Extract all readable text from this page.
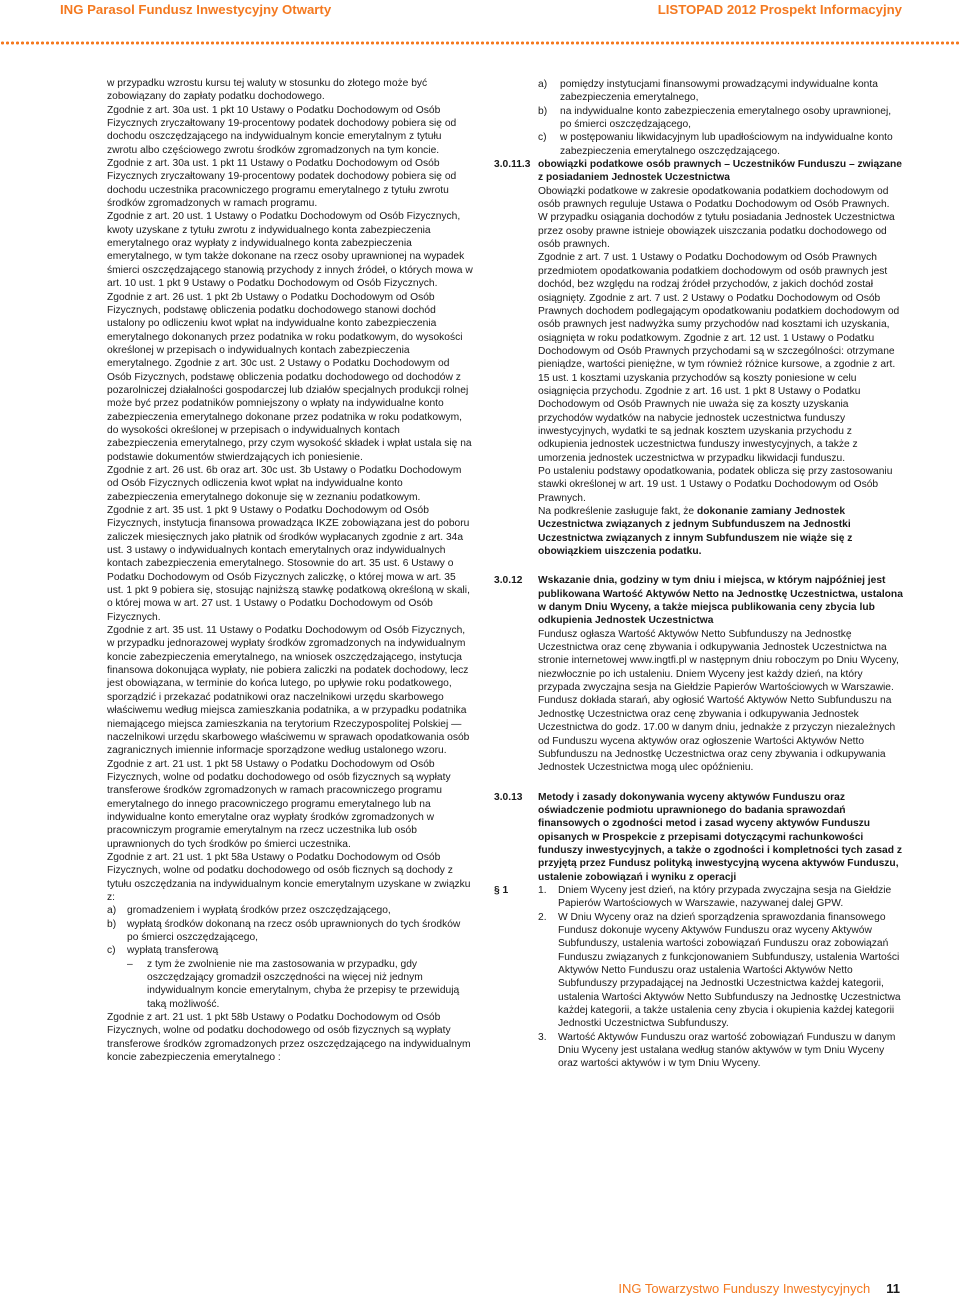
ING Parasol Fundusz Inwestycyjny Otwarty	LISTOPAD 2012 Prospekt Informacyjny

w przypadku wzrostu kursu tej waluty w stosunku do złotego może być zobowiązany do zapłaty podatku dochodowego.

Zgodnie z art. 30a ust. 1 pkt 10 Ustawy o Podatku Dochodowym od Osób Fizycznych zryczałtowany 19-procentowy podatek dochodowy pobiera się od dochodu oszczędzającego na indywidualnym koncie emerytalnym z tytułu zwrotu albo częściowego zwrotu środków zgromadzonych na tym koncie. Zgodnie z art. 30a ust. 1 pkt 11 Ustawy o Podatku Dochodowym od Osób Fizycznych zryczałtowany 19-procentowy podatek dochodowy pobiera się od dochodu uczestnika pracowniczego programu emerytalnego z tytułu zwrotu środków zgromadzonych w ramach programu.

Zgodnie z art. 20 ust. 1 Ustawy o Podatku Dochodowym od Osób Fizycznych, kwoty uzyskane z tytułu zwrotu z indywidualnego konta zabezpieczenia emerytalnego oraz wypłaty z indywidualnego konta zabezpieczenia emerytalnego, w tym także dokonane na rzecz osoby uprawnionej na wypadek śmierci oszczędzającego stanowią przychody z innych źródeł, o których mowa w art. 10 ust. 1 pkt 9 Ustawy o Podatku Dochodowym od Osób Fizycznych.

Zgodnie z art. 26 ust. 1 pkt 2b Ustawy o Podatku Dochodowym od Osób Fizycznych, podstawę obliczenia podatku dochodowego stanowi dochód ustalony po odliczeniu kwot wpłat na indywidualne konto zabezpieczenia emerytalnego dokonanych przez podatnika w roku podatkowym, do wysokości określonej w przepisach o indywidualnych kontach zabezpieczenia emerytalnego. Zgodnie z art. 30c ust. 2 Ustawy o Podatku Dochodowym od Osób Fizycznych, podstawę obliczenia podatku dochodowego od dochodów z pozarolniczej działalności gospodarczej lub działów specjalnych produkcji rolnej może być przez podatników pomniejszony o wpłaty na indywidualne konto zabezpieczenia emerytalnego dokonane przez podatnika w roku podatkowym, do wysokości określonej w przepisach o indywidualnych kontach zabezpieczenia emerytalnego, przy czym wysokość składek i wpłat ustala się na podstawie dokumentów stwierdzających ich poniesienie.

Zgodnie z art. 26 ust. 6b oraz art. 30c ust. 3b Ustawy o Podatku Dochodowym od Osób Fizycznych odliczenia kwot wpłat na indywidualne konto zabezpieczenia emerytalnego dokonuje się w zeznaniu podatkowym.

Zgodnie z art. 35 ust. 1 pkt 9 Ustawy o Podatku Dochodowym od Osób Fizycznych, instytucja finansowa prowadząca IKZE zobowiązana jest do poboru zaliczek miesięcznych jako płatnik od środków wypłacanych zgodnie z art. 34a ust. 3 ustawy o indywidualnych kontach emerytalnych oraz indywidualnych kontach zabezpieczenia emerytalnego. Stosownie do art. 35 ust. 6 Ustawy o Podatku Dochodowym od Osób Fizycznych zaliczkę, o której mowa w art. 35 ust. 1 pkt 9 pobiera się, stosując najniższą stawkę podatkową określoną w skali, o której mowa w art. 27 ust. 1 Ustawy o Podatku Dochodowym od Osób Fizycznych.

Zgodnie z art. 35 ust. 11 Ustawy o Podatku Dochodowym od Osób Fizycznych, w przypadku jednorazowej wypłaty środków zgromadzonych na indywidualnym koncie zabezpieczenia emerytalnego, na wniosek oszczędzającego, instytucja finansowa dokonująca wypłaty, nie pobiera zaliczki na podatek dochodowy, lecz jest obowiązana, w terminie do końca lutego, po upływie roku podatkowego, sporządzić i przekazać podatnikowi oraz naczelnikowi urzędu skarbowego właściwemu według miejsca zamieszkania podatnika, a w przypadku podatnika niemającego miejsca zamieszkania na terytorium Rzeczypospolitej Polskiej — naczelnikowi urzędu skarbowego właściwemu w sprawach opodatkowania osób zagranicznych imiennie informacje sporządzone według ustalonego wzoru.

Zgodnie z art. 21 ust. 1 pkt 58 Ustawy o Podatku Dochodowym od Osób Fizycznych, wolne od podatku dochodowego od osób fizycznych są wypłaty transferowe środków zgromadzonych w ramach pracowniczego programu emerytalnego do innego pracowniczego programu emerytalnego lub na indywidualne konto emerytalne oraz wypłaty środków zgromadzonych w pracowniczym programie emerytalnym na rzecz uczestnika lub osób uprawnionych do tych środków po śmierci uczestnika.

Zgodnie z art. 21 ust. 1 pkt 58a Ustawy o Podatku Dochodowym od Osób Fizycznych, wolne od podatku dochodowego od osób ficznych są dochody z tytułu oszczędzania na indywidualnym koncie emerytalnym uzyskane w związku z:

a)	gromadzeniem i wypłatą środków przez oszczędzającego,
b)	wypłatą środków dokonaną na rzecz osób uprawnionych do tych środków po śmierci oszczędzającego,
c)	wypłatą transferową
–	z tym że zwolnienie nie ma zastosowania w przypadku, gdy oszczędzający gromadził oszczędności na więcej niż jednym indywidualnym koncie emerytalnym, chyba że przepisy te przewidują taką możliwość.

Zgodnie z art. 21 ust. 1 pkt 58b Ustawy o Podatku Dochodowym od Osób Fizycznych, wolne od podatku dochodowego od osób fizycznych są wypłaty transferowe środków zgromadzonych przez oszczędzającego na indywidualnym koncie zabezpieczenia emerytalnego :

a)	pomiędzy instytucjami finansowymi prowadzącymi indywidualne konta zabezpieczenia emerytalnego,
b)	na indywidualne konto zabezpieczenia emerytalnego osoby uprawnionej, po śmierci oszczędzającego,
c)	w postępowaniu likwidacyjnym lub upadłościowym na indywidualne konto zabezpieczenia emerytalnego oszczędzającego.
3.0.11.3 obowiązki podatkowe osób prawnych – Uczestników Funduszu – związane z posiadaniem Jednostek Uczestnictwa

Obowiązki podatkowe w zakresie opodatkowania podatkiem dochodowym od osób prawnych reguluje Ustawa o Podatku Dochodowym od Osób Prawnych.

W przypadku osiągania dochodów z tytułu posiadania Jednostek Uczestnictwa przez osoby prawne istnieje obowiązek uiszczania podatku dochodowego od osób prawnych.

Zgodnie z art. 7 ust. 1 Ustawy o Podatku Dochodowym od Osób Prawnych przedmiotem opodatkowania podatkiem dochodowym od osób prawnych jest dochód, bez względu na rodzaj źródeł przychodów, z jakich dochód został osiągnięty. Zgodnie z art. 7 ust. 2 Ustawy o Podatku Dochodowym od Osób Prawnych dochodem podlegającym opodatkowaniu podatkiem dochodowym od osób prawnych jest nadwyżka sumy przychodów nad kosztami ich uzyskania, osiągnięta w roku podatkowym. Zgodnie z art. 12 ust. 1 Ustawy o Podatku Dochodowym od Osób Prawnych przychodami są w szczególności: otrzymane pieniądze, wartości pieniężne, w tym również różnice kursowe, a zgodnie z art. 15 ust. 1 kosztami uzyskania przychodów są koszty poniesione w celu osiągnięcia przychodu. Zgodnie z art. 16 ust. 1 pkt 8 Ustawy o Podatku Dochodowym od Osób Prawnych nie uważa się za koszty uzyskania przychodów wydatków na nabycie jednostek uczestnictwa funduszy inwestycyjnych, wydatki te są jednak kosztem uzyskania przychodu z odkupienia jednostek uczestnictwa funduszy inwestycyjnych, a także z umorzenia jednostek uczestnictwa w przypadku likwidacji funduszu.

Po ustaleniu podstawy opodatkowania, podatek oblicza się przy zastosowaniu stawki określonej w art. 19 ust. 1 Ustawy o Podatku Dochodowym od Osób Prawnych.

Na podkreślenie zasługuje fakt, że dokonanie zamiany Jednostek Uczestnictwa związanych z jednym Subfunduszem na Jednostki Uczestnictwa związanych z innym Subfunduszem nie wiąże się z obowiązkiem uiszczenia podatku.

3.0.12	Wskazanie dnia, godziny w tym dniu i miejsca, w którym najpóźniej jest publikowana Wartość Aktywów Netto na Jednostkę Uczestnictwa, ustalona w danym Dniu Wyceny, a także miejsca publikowania ceny zbycia lub odkupienia Jednostek Uczestnictwa

Fundusz ogłasza Wartość Aktywów Netto Subfunduszy na Jednostkę Uczestnictwa oraz cenę zbywania i odkupywania Jednostek Uczestnictwa na stronie internetowej www.ingtfi.pl w następnym dniu roboczym po Dniu Wyceny, niezwłocznie po ich ustaleniu. Dniem Wyceny jest każdy dzień, na który przypada zwyczajna sesja na Giełdzie Papierów Wartościowych w Warszawie. Fundusz dokłada starań, aby ogłosić Wartość Aktywów Netto Subfunduszu na Jednostkę Uczestnictwa oraz cenę zbywania i odkupywania Jednostek Uczestnictwa do godz. 17.00 w danym dniu, jednakże z przyczyn niezależnych od Funduszu wycena aktywów oraz ogłoszenie Wartości Aktywów Netto Subfunduszu na Jednostkę Uczestnictwa oraz ceny zbywania i odkupywania Jednostek Uczestnictwa mogą ulec opóźnieniu.

3.0.13

§ 1

Metody i zasady dokonywania wyceny aktywów Funduszu oraz oświadczenie podmiotu uprawnionego do badania sprawozdań finansowych o zgodności metod i zasad wyceny aktywów Funduszu opisanych w Prospekcie z przepisami dotyczącymi rachunkowości funduszy inwestycyjnych, a także o zgodności i kompletności tych zasad z przyjętą przez Fundusz polityką inwestycyjną wycena aktywów Funduszu, ustalenie zobowiązań i wyniku z operacji

1.	Dniem Wyceny jest dzień, na który przypada zwyczajna sesja na Giełdzie Papierów Wartościowych w Warszawie, nazywanej dalej GPW.
2.	W Dniu Wyceny oraz na dzień sporządzenia sprawozdania finansowego Fundusz dokonuje wyceny Aktywów Funduszu oraz wyceny Aktywów Subfunduszy, ustalenia wartości zobowiązań Funduszu oraz zobowiązań Funduszu związanych z funkcjonowaniem Subfunduszy, ustalenia Wartości Aktywów Netto Funduszu oraz ustalenia Wartości Aktywów Netto Subfunduszy przypadającej na Jednostki Uczestnictwa każdej kategorii, ustalenia Wartości Aktywów Netto Subfunduszy na Jednostkę Uczestnictwa każdej kategorii, a także ustalenia ceny zbycia i okupienia każdej kategorii Jednostki Uczestnictwa Subfunduszy.
3.	Wartość Aktywów Funduszu oraz wartość zobowiązań Funduszu w danym Dniu Wyceny jest ustalana według stanów aktywów w tym Dniu Wyceny oraz wartości aktywów i w tym Dniu Wyceny.
ING Towarzystwo Funduszy Inwestycyjnych 11
